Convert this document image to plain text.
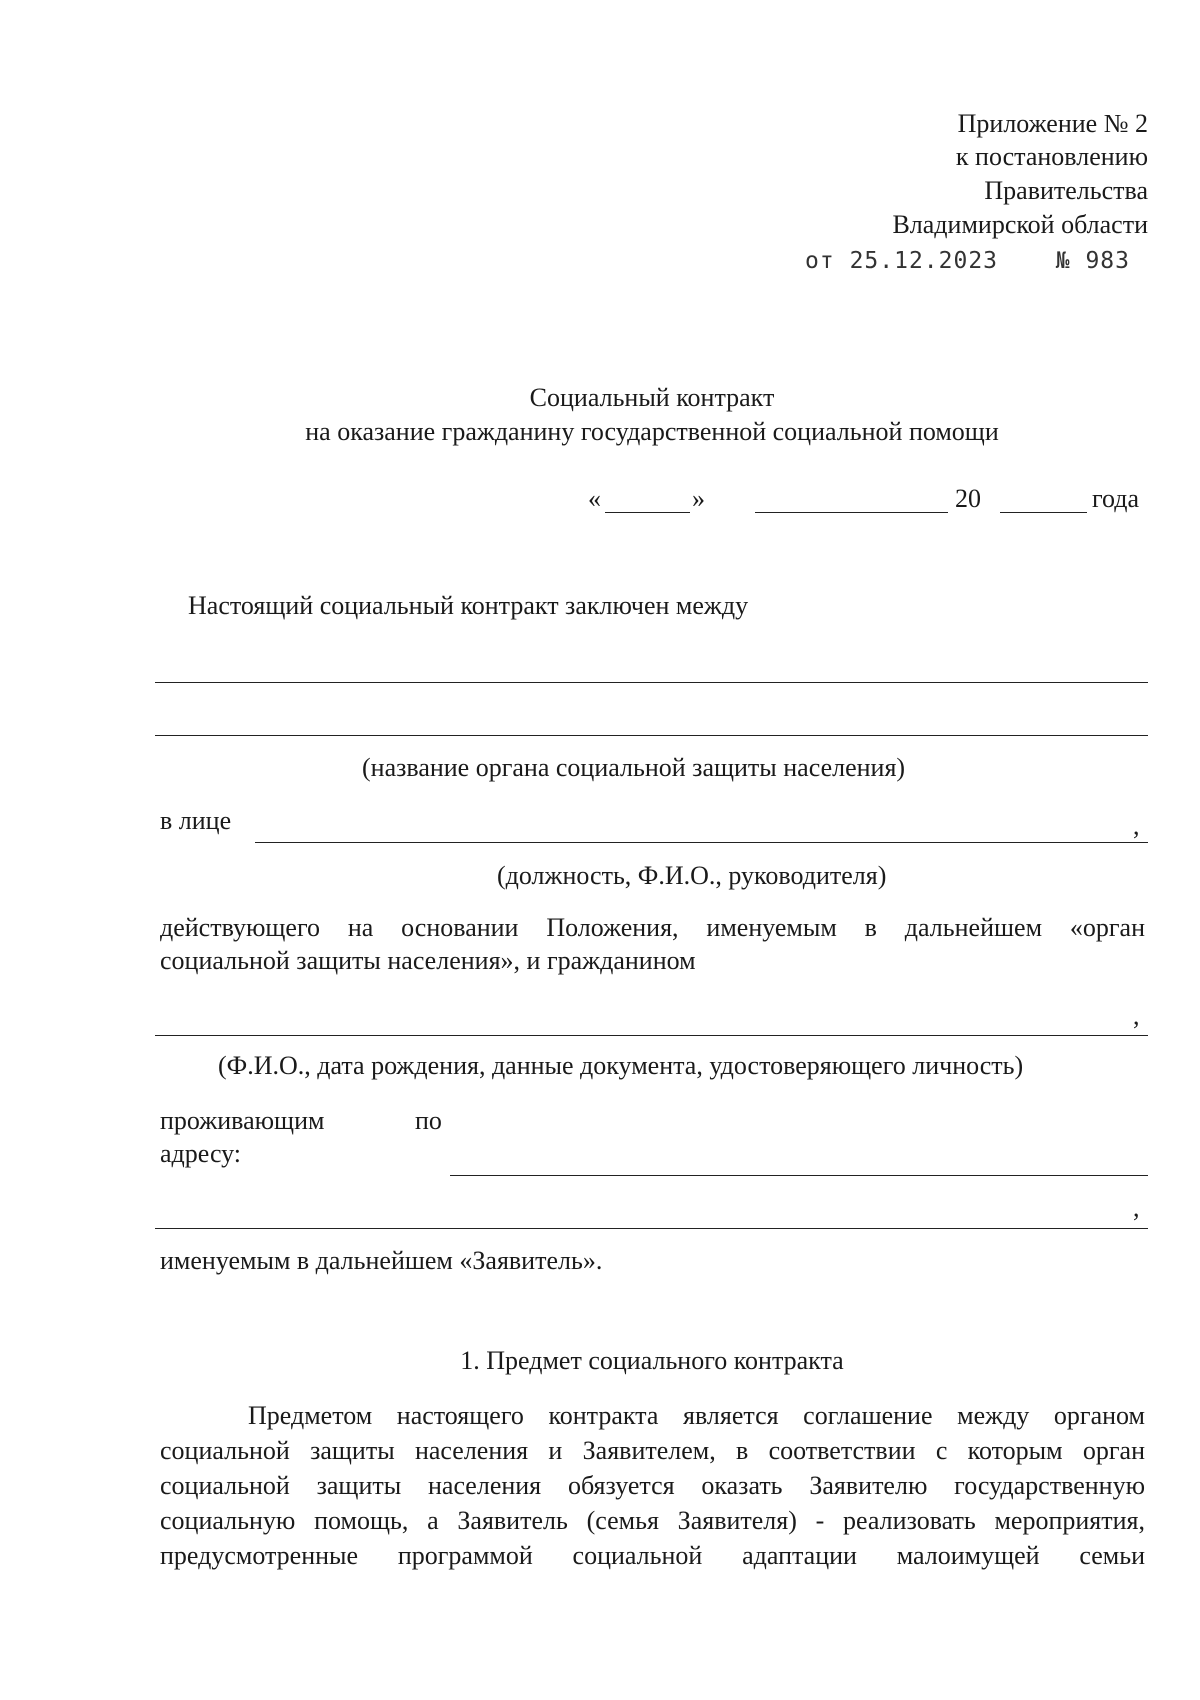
Приложение № 2
к постановлению
Правительства
Владимирской области
от 25.12.2023	№ 983
Социальный контракт
на оказание гражданину государственной социальной помощи
«	»	20	года
Настоящий социальный контракт заключен между
(название органа социальной защиты населения)
в лице	,
(должность, Ф.И.О., руководителя)
действующего на основании Положения, именуемым в дальнейшем «орган
социальной защиты населения», и гражданином
,
(Ф.И.О., дата рождения, данные документа, удостоверяющего личность)
проживающим	по
адресу:
,
именуемым в дальнейшем «Заявитель».
1. Предмет социального контракта
Предметом настоящего контракта является соглашение между органом
социальной защиты населения и Заявителем, в соответствии с которым орган
социальной защиты населения обязуется оказать Заявителю государственную
социальную помощь, а Заявитель (семья Заявителя) - реализовать мероприятия,
предусмотренные программой социальной адаптации малоимущей семьи
